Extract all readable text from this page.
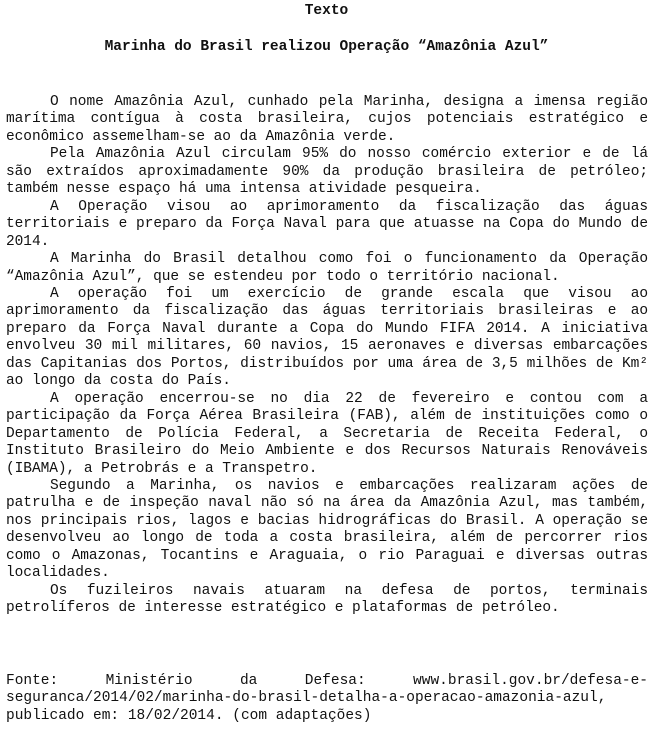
Texto
Marinha do Brasil realizou Operação “Amazônia Azul”

O nome Amazônia Azul, cunhado pela Marinha, designa a imensa região marítima contígua à costa brasileira, cujos potenciais estratégico e econômico assemelham-se ao da Amazônia verde.

Pela Amazônia Azul circulam 95% do nosso comércio exterior e de lá são extraídos aproximadamente 90% da produção brasileira de petróleo; também nesse espaço há uma intensa atividade pesqueira.

A Operação visou ao aprimoramento da fiscalização das águas territoriais e preparo da Força Naval para que atuasse na Copa do Mundo de 2014.

A Marinha do Brasil detalhou como foi o funcionamento da Operação “Amazônia Azul”, que se estendeu por todo o território nacional.

A operação foi um exercício de grande escala que visou ao aprimoramento da fiscalização das águas territoriais brasileiras e ao preparo da Força Naval durante a Copa do Mundo FIFA 2014. A iniciativa envolveu 30 mil militares, 60 navios, 15 aeronaves e diversas embarcações das Capitanias dos Portos, distribuídos por uma área de 3,5 milhões de Km² ao longo da costa do País.

A operação encerrou-se no dia 22 de fevereiro e contou com a participação da Força Aérea Brasileira (FAB), além de instituições como o Departamento de Polícia Federal, a Secretaria de Receita Federal, o Instituto Brasileiro do Meio Ambiente e dos Recursos Naturais Renováveis (IBAMA), a Petrobrás e a Transpetro.

Segundo a Marinha, os navios e embarcações realizaram ações de patrulha e de inspeção naval não só na área da Amazônia Azul, mas também, nos principais rios, lagos e bacias hidrográficas do Brasil. A operação se desenvolveu ao longo de toda a costa brasileira, além de percorrer rios como o Amazonas, Tocantins e Araguaia, o rio Paraguai e diversas outras localidades.

Os fuzileiros navais atuaram na defesa de portos, terminais petrolíferos de interesse estratégico e plataformas de petróleo.

Fonte: Ministério da Defesa: www.brasil.gov.br/defesa-e-seguranca/2014/02/marinha-do-brasil-detalha-a-operacao-amazonia-azul, publicado em: 18/02/2014. (com adaptações)
